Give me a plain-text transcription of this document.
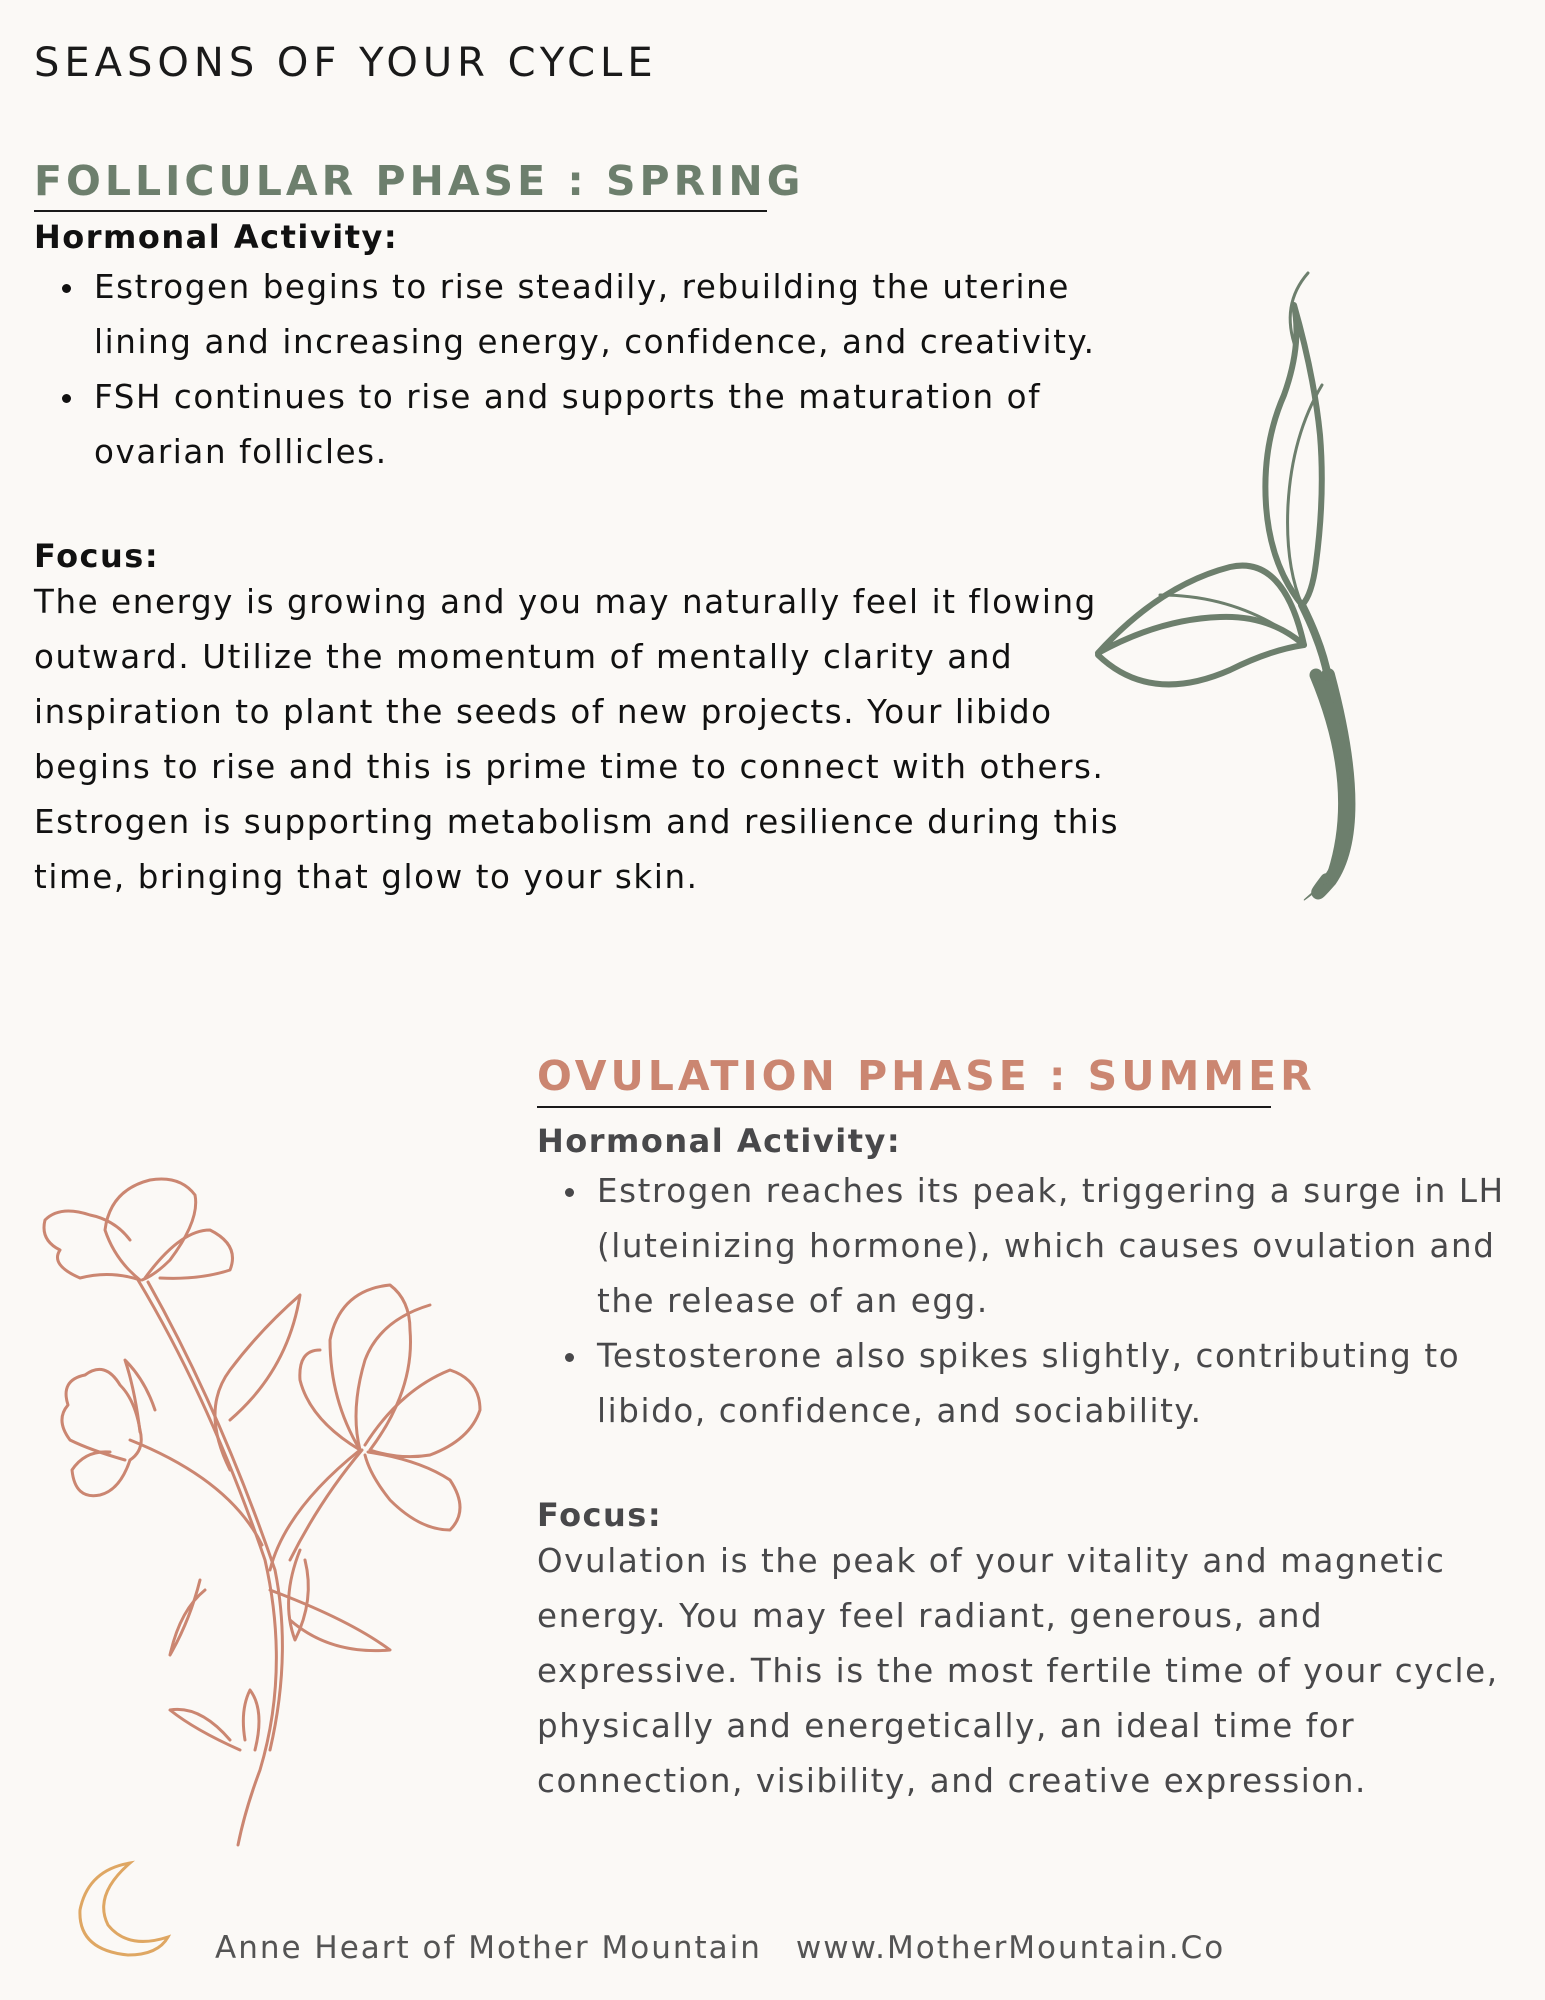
SEASONS OF YOUR CYCLE
FOLLICULAR PHASE : SPRING

Hormonal Activity:

Estrogen begins to rise steadily, rebuilding the uterine lining and increasing energy, confidence, and creativity.
FSH continues to rise and supports the maturation of ovarian follicles.

Focus:

The energy is growing and you may naturally feel it flowing outward. Utilize the momentum of mentally clarity and inspiration to plant the seeds of new projects. Your libido begins to rise and this is prime time to connect with others. Estrogen is supporting metabolism and resilience during this time, bringing that glow to your skin.

OVULATION PHASE : SUMMER

Hormonal Activity:

Estrogen reaches its peak, triggering a surge in LH (luteinizing hormone), which causes ovulation and the release of an egg.
Testosterone also spikes slightly, contributing to libido, confidence, and sociability.

Focus:

Ovulation is the peak of your vitality and magnetic energy. You may feel radiant, generous, and expressive. This is the most fertile time of your cycle, physically and energetically, an ideal time for connection, visibility, and creative expression.

Anne Heart of Mother Mountain www.MotherMountain.Co
